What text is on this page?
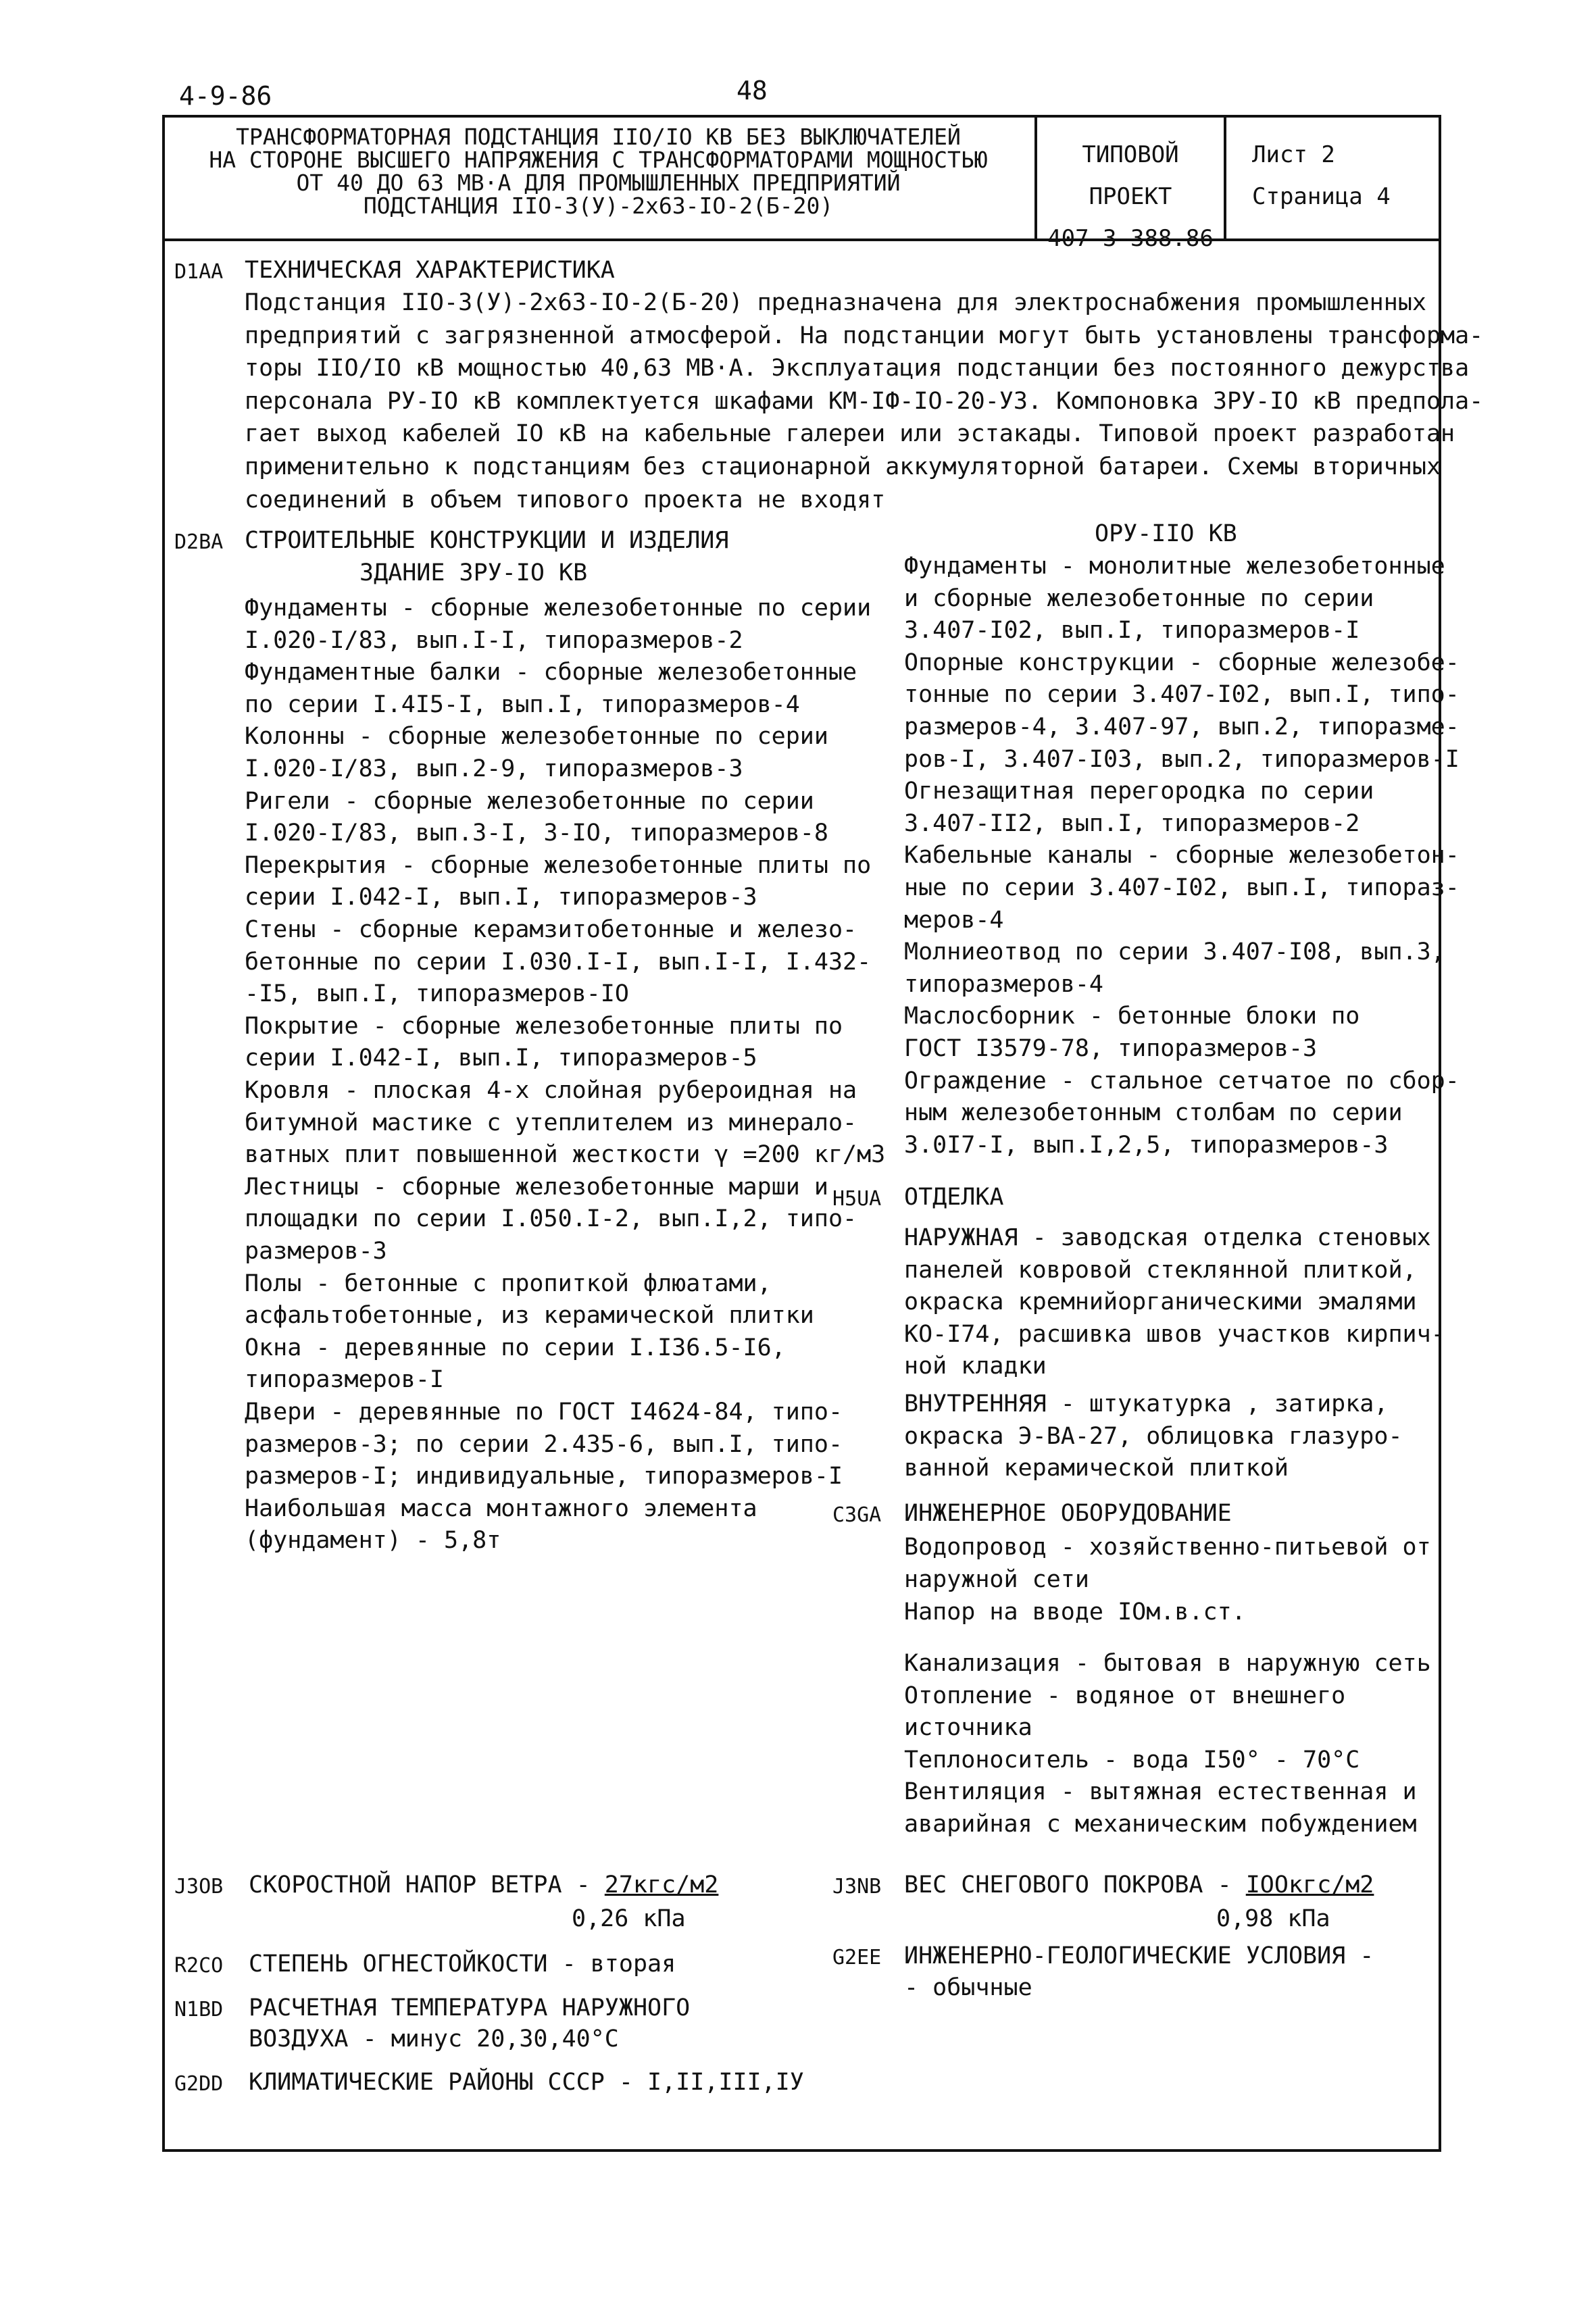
4-9-86	48
ТРАНСФОРМАТОРНАЯ ПОДСТАНЦИЯ IIO/IO КВ БЕЗ ВЫКЛЮЧАТЕЛЕЙ
НА СТОРОНЕ ВЫСШЕГО НАПРЯЖЕНИЯ С ТРАНСФОРМАТОРАМИ МОЩНОСТЬЮ
ОТ 40 ДО 63 МВ·А ДЛЯ ПРОМЫШЛЕННЫХ ПРЕДПРИЯТИЙ
ПОДСТАНЦИЯ IIO-3(У)-2х63-IO-2(Б-20)
ТИПОВОЙ ПРОЕКТ
407-3-388.86
Лист 2
Страница 4
D1AA ТЕХНИЧЕСКАЯ ХАРАКТЕРИСТИКА
Подстанция IIO-3(У)-2х63-IO-2(Б-20) предназначена для электроснабжения промышленных
предприятий с загрязненной атмосферой. На подстанции могут быть установлены трансформа-
торы IIO/IO кВ мощностью 40,63 МВ·А. Эксплуатация подстанции без постоянного дежурства
персонала РУ-IO кВ комплектуется шкафами КМ-IФ-IO-20-У3. Компоновка ЗРУ-IO кВ предпола-
гает выход кабелей IO кВ на кабельные галереи или эстакады. Типовой проект разработан
применительно к подстанциям без стационарной аккумуляторной батареи. Схемы вторичных
соединений в объем типового проекта не входят
D2BA СТРОИТЕЛЬНЫЕ КОНСТРУКЦИИ И ИЗДЕЛИЯ
ЗДАНИЕ ЗРУ-IO КВ
Фундаменты - сборные железобетонные по серии
I.020-I/83, вып.I-I, типоразмеров-2
Фундаментные балки - сборные железобетонные
по серии I.4I5-I, вып.I, типоразмеров-4
Колонны - сборные железобетонные по серии
I.020-I/83, вып.2-9, типоразмеров-3
Ригели - сборные железобетонные по серии
I.020-I/83, вып.3-I, 3-IO, типоразмеров-8
Перекрытия - сборные железобетонные плиты по
серии I.042-I, вып.I, типоразмеров-3
Стены - сборные керамзитобетонные и железо-
бетонные по серии I.030.I-I, вып.I-I, I.432-
-I5, вып.I, типоразмеров-IO
Покрытие - сборные железобетонные плиты по
серии I.042-I, вып.I, типоразмеров-5
Кровля - плоская 4-х слойная рубероидная на
битумной мастике с утеплителем из минерало-
ватных плит повышенной жесткости γ =200 кг/м3
Лестницы - сборные железобетонные марши и
площадки по серии I.050.I-2, вып.I,2, типо-
размеров-3
Полы - бетонные с пропиткой флюатами,
асфальтобетонные, из керамической плитки
Окна - деревянные по серии I.I36.5-I6,
типоразмеров-I
Двери - деревянные по ГОСТ I4624-84, типо-
размеров-3; по серии 2.435-6, вып.I, типо-
размеров-I; индивидуальные, типоразмеров-I
Наибольшая масса монтажного элемента
(фундамент) - 5,8т
ОРУ-IIO КВ
Фундаменты - монолитные железобетонные
и сборные железобетонные по серии
3.407-I02, вып.I, типоразмеров-I
Опорные конструкции - сборные железобе-
тонные по серии 3.407-I02, вып.I, типо-
размеров-4, 3.407-97, вып.2, типоразме-
ров-I, 3.407-I03, вып.2, типоразмеров-I
Огнезащитная перегородка по серии
3.407-II2, вып.I, типоразмеров-2
Кабельные каналы - сборные железобетон-
ные по серии 3.407-I02, вып.I, типораз-
меров-4
Молниеотвод по серии 3.407-I08, вып.3,
типоразмеров-4
Маслосборник - бетонные блоки по
ГОСТ I3579-78, типоразмеров-3
Ограждение - стальное сетчатое по сбор-
ным железобетонным столбам по серии
3.0I7-I, вып.I,2,5, типоразмеров-3
H5UA ОТДЕЛКА
НАРУЖНАЯ - заводская отделка стеновых
панелей ковровой стеклянной плиткой,
окраска кремнийорганическими эмалями
КО-I74, расшивка швов участков кирпич-
ной кладки
ВНУТРЕННЯЯ - штукатурка , затирка,
окраска Э-ВА-27, облицовка глазуро-
ванной керамической плиткой
C3GA ИНЖЕНЕРНОЕ ОБОРУДОВАНИЕ
Водопровод - хозяйственно-питьевой от
наружной сети
Напор на вводе IOм.в.ст.
Канализация - бытовая в наружную сеть
Отопление - водяное от внешнего
источника
Теплоноситель - вода I50° - 70°С
Вентиляция - вытяжная естественная и
аварийная с механическим побуждением
J3OB СКОРОСТНОЙ НАПОР ВЕТРА - 27кгс/м2
0,26 кПа
J3NB ВЕС СНЕГОВОГО ПОКРОВА - IOOкгс/м2
0,98 кПа
R2CO СТЕПЕНЬ ОГНЕСТОЙКОСТИ - вторая	G2EE ИНЖЕНЕРНО-ГЕОЛОГИЧЕСКИЕ УСЛОВИЯ -
- обычные
N1BD РАСЧЕТНАЯ ТЕМПЕРАТУРА НАРУЖНОГО
ВОЗДУХА - минус 20,30,40°С
G2DD КЛИМАТИЧЕСКИЕ РАЙОНЫ СССР - I,II,III,IУ
